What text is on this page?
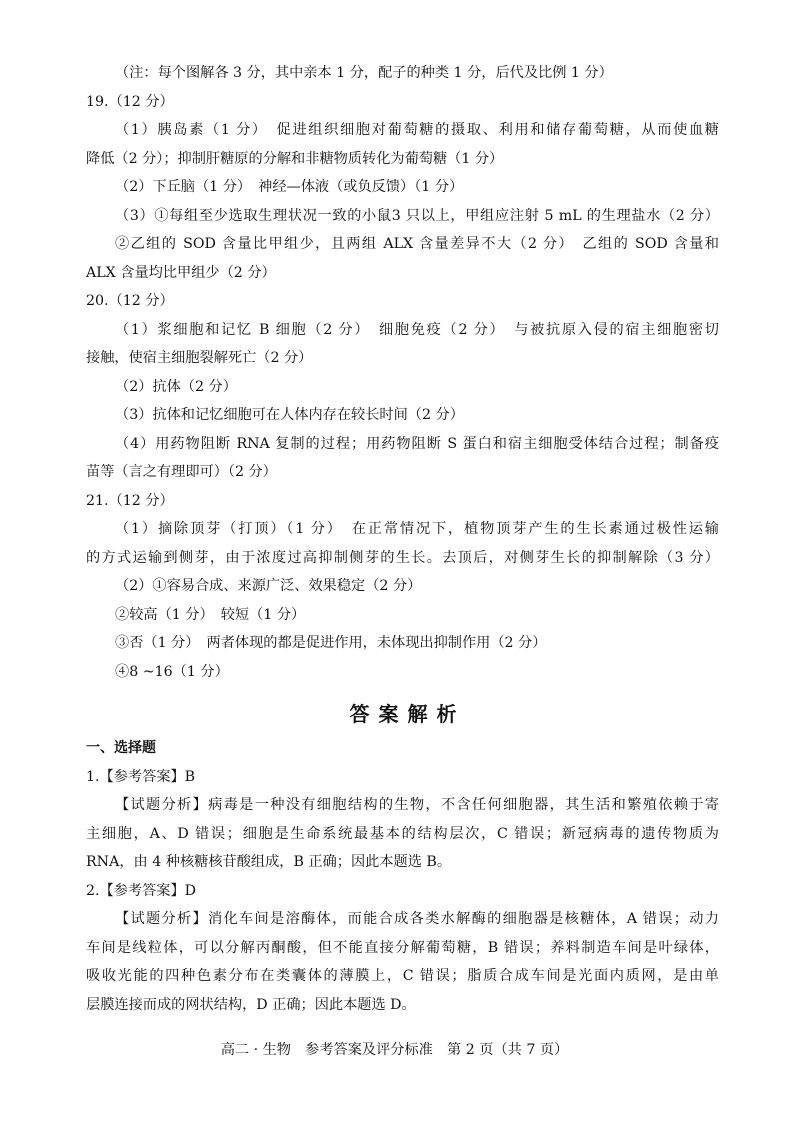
（注：每个图解各 3 分，其中亲本 1 分，配子的种类 1 分，后代及比例 1 分）
19.（12 分）
（1）胰岛素（1 分）　促进组织细胞对葡萄糖的摄取、利用和储存葡萄糖，从而使血糖
降低（2 分）；抑制肝糖原的分解和非糖物质转化为葡萄糖（1 分）
（2）下丘脑（1 分）　神经—体液（或负反馈）（1 分）
（3）①每组至少选取生理状况一致的小鼠3 只以上，甲组应注射 5 mL 的生理盐水（2 分）
②乙组的 SOD 含量比甲组少，且两组 ALX 含量差异不大（2 分）　乙组的 SOD 含量和
ALX 含量均比甲组少（2 分）
20.（12 分）
（1）浆细胞和记忆 B 细胞（2 分）　细胞免疫（2 分）　与被抗原入侵的宿主细胞密切
接触，使宿主细胞裂解死亡（2 分）
（2）抗体（2 分）
（3）抗体和记忆细胞可在人体内存在较长时间（2 分）
（4）用药物阻断 RNA 复制的过程；用药物阻断 S 蛋白和宿主细胞受体结合过程；制备疫
苗等（言之有理即可）（2 分）
21.（12 分）
（1）摘除顶芽（打顶）（1 分）　在正常情况下，植物顶芽产生的生长素通过极性运输
的方式运输到侧芽，由于浓度过高抑制侧芽的生长。去顶后，对侧芽生长的抑制解除（3 分）
（2）①容易合成、来源广泛、效果稳定（2 分）
②较高（1 分）　较短（1 分）
③否（1 分）　两者体现的都是促进作用，未体现出抑制作用（2 分）
④8 ~16（1 分）
答案解析
一、选择题
1.【参考答案】B
【试题分析】病毒是一种没有细胞结构的生物，不含任何细胞器，其生活和繁殖依赖于寄
主细胞，A、D 错误；细胞是生命系统最基本的结构层次，C 错误；新冠病毒的遗传物质为
RNA，由 4 种核糖核苷酸组成，B 正确；因此本题选 B。
2.【参考答案】D
【试题分析】消化车间是溶酶体，而能合成各类水解酶的细胞器是核糖体，A 错误；动力
车间是线粒体，可以分解丙酮酸，但不能直接分解葡萄糖，B 错误；养料制造车间是叶绿体，
吸收光能的四种色素分布在类囊体的薄膜上，C 错误；脂质合成车间是光面内质网，是由单
层膜连接而成的网状结构，D 正确；因此本题选 D。
高二 · 生物　参考答案及评分标准　第 2 页（共 7 页）
